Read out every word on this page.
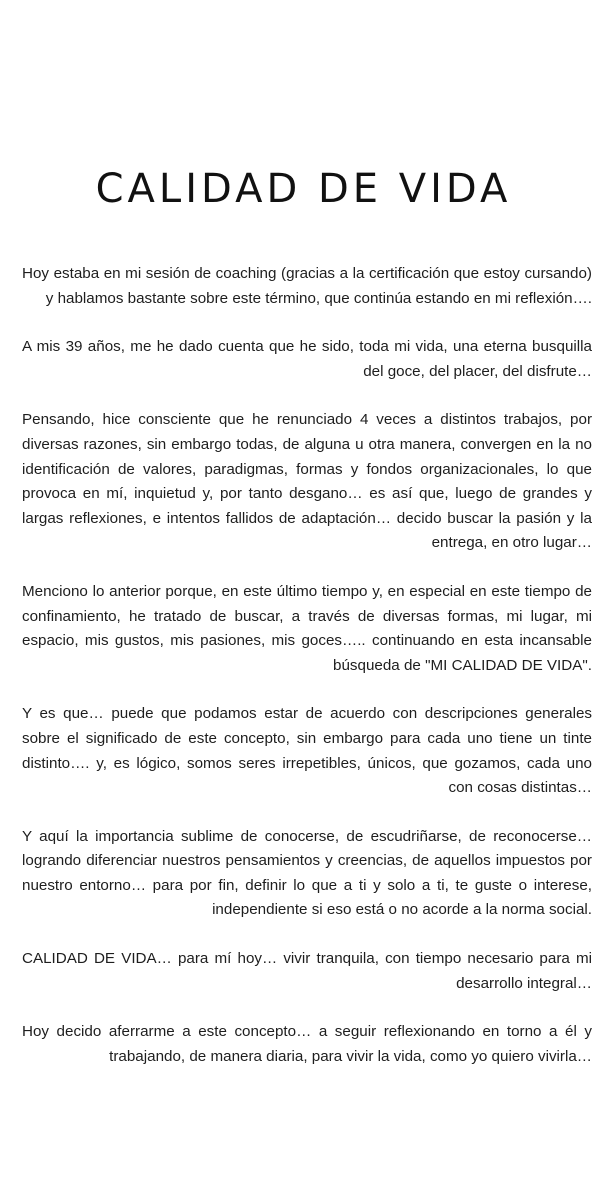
CALIDAD DE VIDA

Hoy estaba en mi sesión de coaching (gracias a la certificación que estoy cursando) y hablamos bastante sobre este término, que continúa estando en mi reflexión….

A mis 39 años, me he dado cuenta que he sido, toda mi vida, una eterna busquilla del goce, del placer, del disfrute…

Pensando, hice consciente que he renunciado 4 veces a distintos trabajos, por diversas razones, sin embargo todas, de alguna u otra manera, convergen en la no identificación de valores, paradigmas, formas y fondos organizacionales, lo que provoca en mí, inquietud y, por tanto desgano… es así que, luego de grandes y largas reflexiones, e intentos fallidos de adaptación… decido buscar la pasión y la entrega, en otro lugar…

Menciono lo anterior porque, en este último tiempo y, en especial en este tiempo de confinamiento, he tratado de buscar, a través de diversas formas, mi lugar, mi espacio, mis gustos, mis pasiones, mis goces….. continuando en esta incansable búsqueda de "MI CALIDAD DE VIDA".

Y es que… puede que podamos estar de acuerdo con descripciones generales sobre el significado de este concepto, sin embargo para cada uno tiene un tinte distinto…. y, es lógico, somos seres irrepetibles, únicos, que gozamos, cada uno con cosas distintas…

Y aquí la importancia sublime de conocerse, de escudriñarse, de reconocerse… logrando diferenciar nuestros pensamientos y creencias, de aquellos impuestos por nuestro entorno… para por fin, definir lo que a ti y solo a ti, te guste o interese, independiente si eso está o no acorde a la norma social.

CALIDAD DE VIDA… para mí hoy… vivir tranquila, con tiempo necesario para mi desarrollo integral…

Hoy decido aferrarme a este concepto… a seguir reflexionando en torno a él y trabajando, de manera diaria, para vivir la vida, como yo quiero vivirla…
